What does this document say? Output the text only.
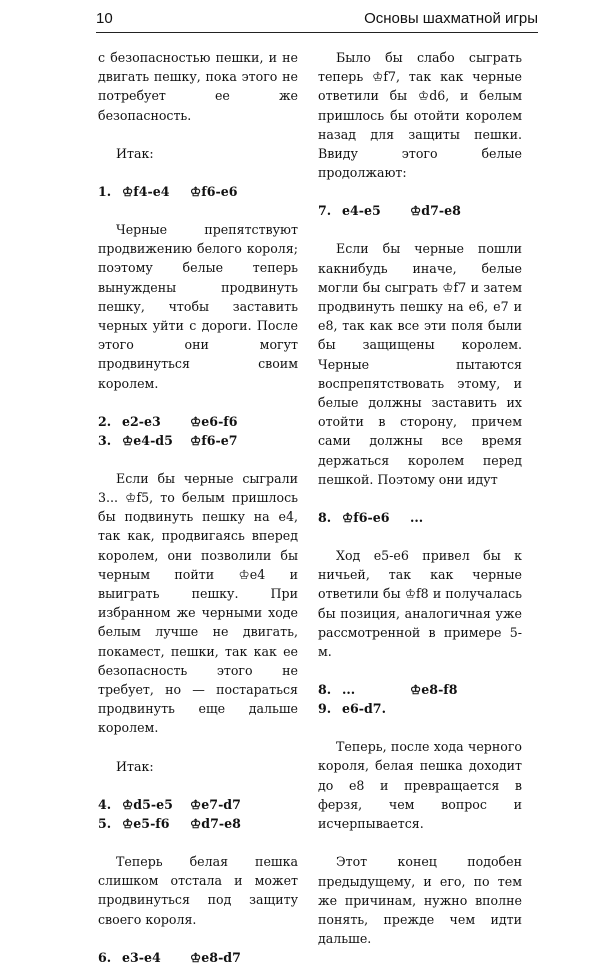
10	Основы шахматной игры

с безопасностью пешки, и не двигать пешку, пока этого не потребует ее же безопасность.

Итак:

1. ♔f4-e4	♔f6-e6

Черные препятствуют продвижению белого короля; поэтому белые теперь вынуждены продвинуть пешку, чтобы заставить черных уйти с дороги. После этого они могут продвинуться своим королем.

2. e2-e3	♔e6-f6
3. ♔e4-d5	♔f6-e7

Если бы черные сыграли 3... ♔f5, то белым пришлось бы подвинуть пешку на e4, так как, продвигаясь вперед королем, они позволили бы черным пойти ♔e4 и выиграть пешку. При избранном же черными ходе белым лучше не двигать, покамест, пешки, так как ее безопасность этого не требует, но — постараться продвинуть еще дальше королем.

Итак:

4. ♔d5-e5	♔e7-d7
5. ♔e5-f6	♔d7-e8

Теперь белая пешка слишком отстала и может продвинуться под защиту своего короля.

6. e3-e4	♔e8-d7

Было бы слабо сыграть теперь ♔f7, так как черные ответили бы ♔d6, и белым пришлось бы отойти королем назад для защиты пешки. Ввиду этого белые продолжают:

7. e4-e5	♔d7-e8

Если бы черные пошли какнибудь иначе, белые могли бы сыграть ♔f7 и затем продвинуть пешку на e6, e7 и e8, так как все эти поля были бы защищены королем. Черные пытаются воспрепятствовать этому, и белые должны заставить их отойти в сторону, причем сами должны все время держаться королем перед пешкой. Поэтому они идут

8. ♔f6-e6	...

Ход e5-e6 привел бы к ничьей, так как черные ответили бы ♔f8 и получалась бы позиция, аналогичная уже рассмотренной в примере 5-м.

8. ...	♔e8-f8
9. e6-d7.

Теперь, после хода черного короля, белая пешка доходит до e8 и превращается в ферзя, чем вопрос и исчерпывается.

Этот конец подобен предыдущему, и его, по тем же причинам, нужно вполне понять, прежде чем идти дальше.
